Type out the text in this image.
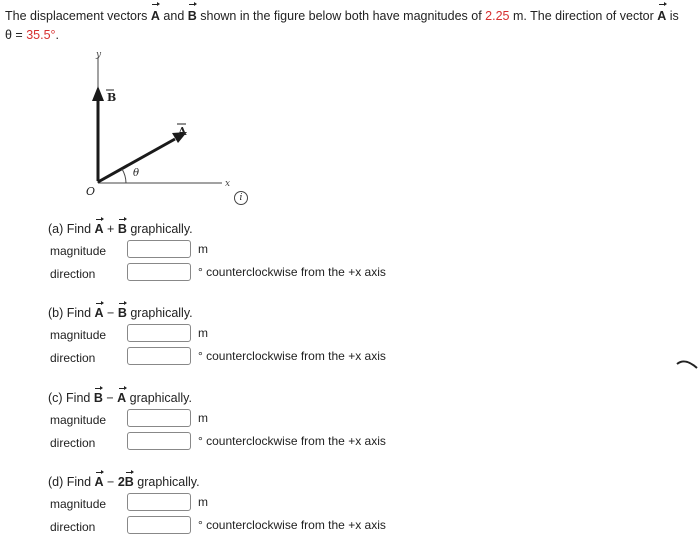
The displacement vectors A and B shown in the figure below both have magnitudes of 2.25 m. The direction of vector A is
θ = 35.5°.
y
x
O
B
A
θ
i
(a) Find A + B graphically.
magnitude	m
direction	° counterclockwise from the +x axis
(b) Find A − B graphically.
magnitude	m
direction	° counterclockwise from the +x axis
(c) Find B − A graphically.
magnitude	m
direction	° counterclockwise from the +x axis
(d) Find A − 2B graphically.
magnitude	m
direction	° counterclockwise from the +x axis
